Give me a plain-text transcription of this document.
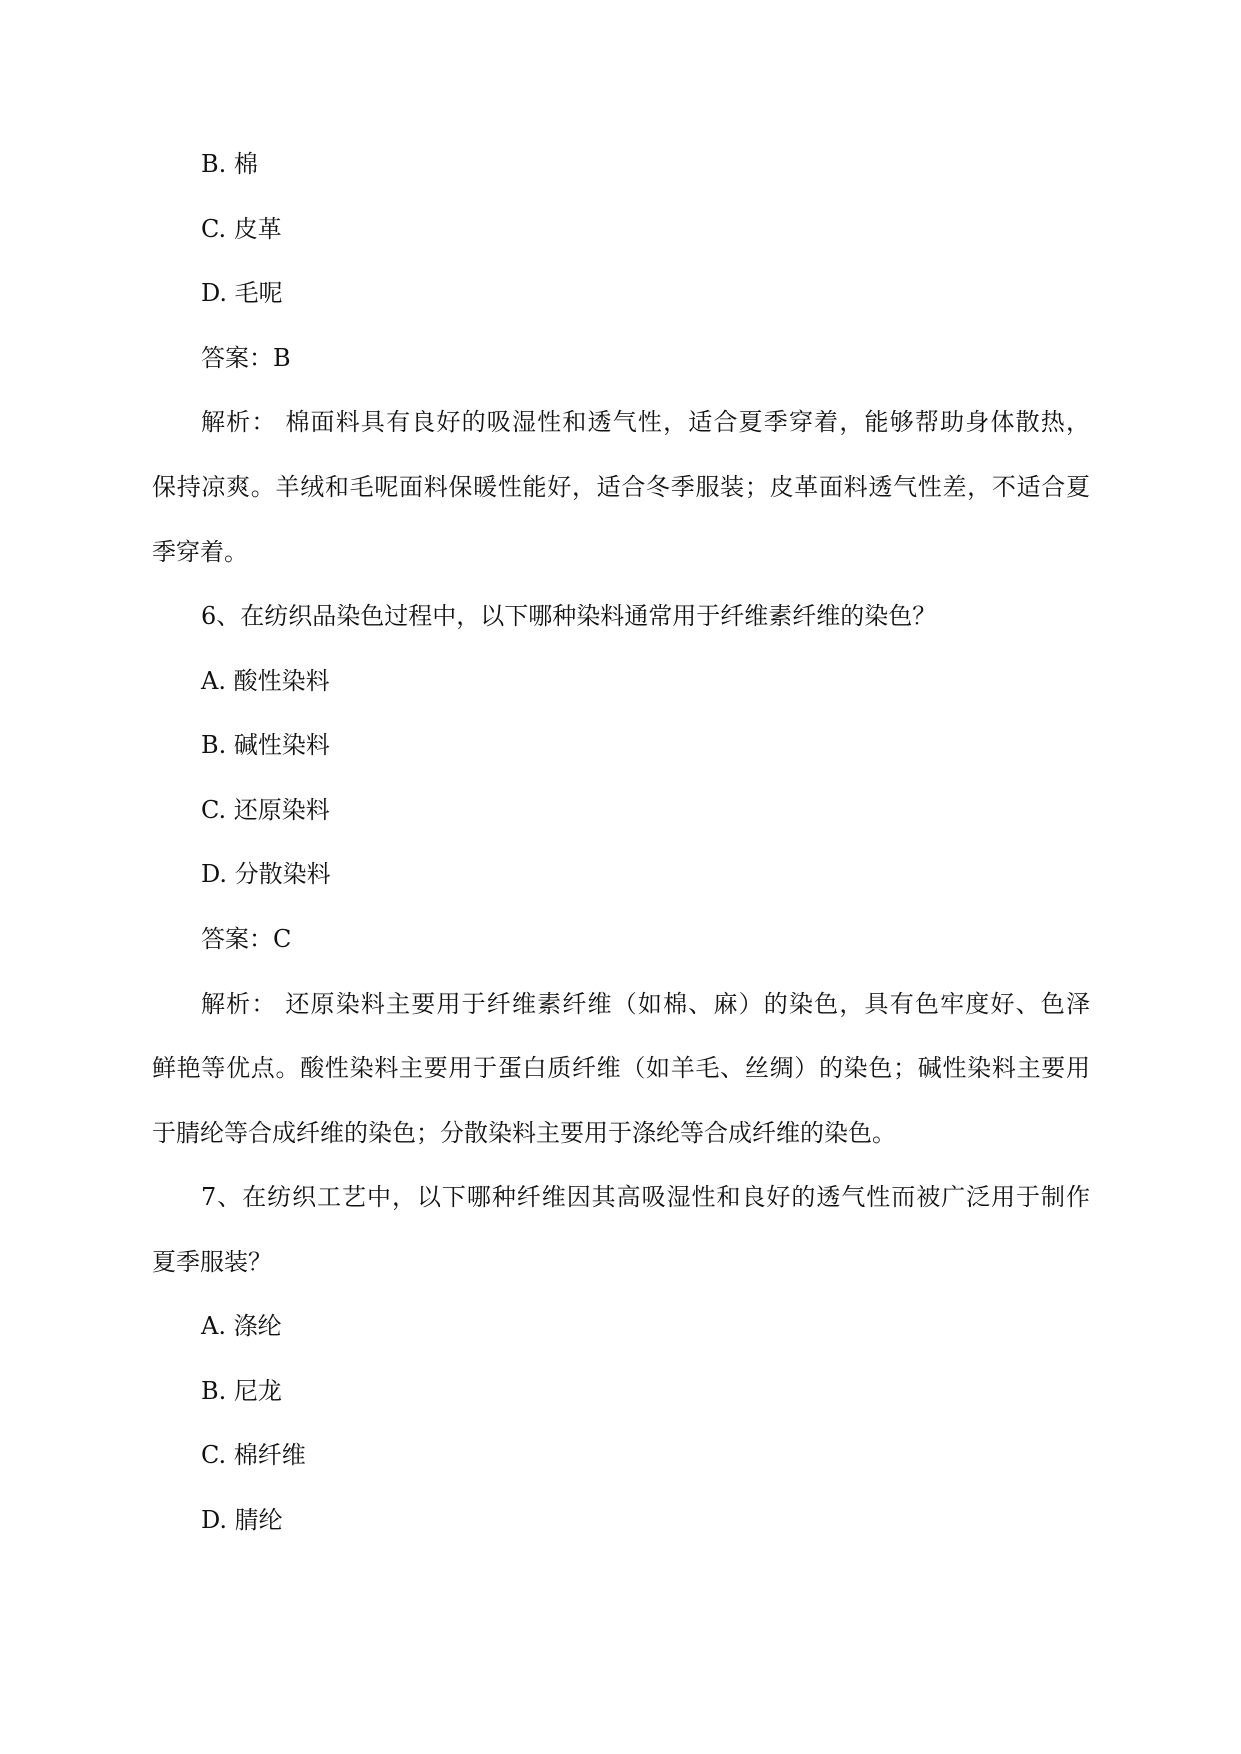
B. 棉
C. 皮革
D. 毛呢
答案：B
解析： 棉面料具有良好的吸湿性和透气性，适合夏季穿着，能够帮助身体散热，
保持凉爽。羊绒和毛呢面料保暖性能好，适合冬季服装；皮革面料透气性差，不适合夏
季穿着。
6、在纺织品染色过程中，以下哪种染料通常用于纤维素纤维的染色？
A. 酸性染料
B. 碱性染料
C. 还原染料
D. 分散染料
答案：C
解析： 还原染料主要用于纤维素纤维（如棉、麻）的染色，具有色牢度好、色泽
鲜艳等优点。酸性染料主要用于蛋白质纤维（如羊毛、丝绸）的染色；碱性染料主要用
于腈纶等合成纤维的染色；分散染料主要用于涤纶等合成纤维的染色。
7、在纺织工艺中，以下哪种纤维因其高吸湿性和良好的透气性而被广泛用于制作
夏季服装？
A. 涤纶
B. 尼龙
C. 棉纤维
D. 腈纶
